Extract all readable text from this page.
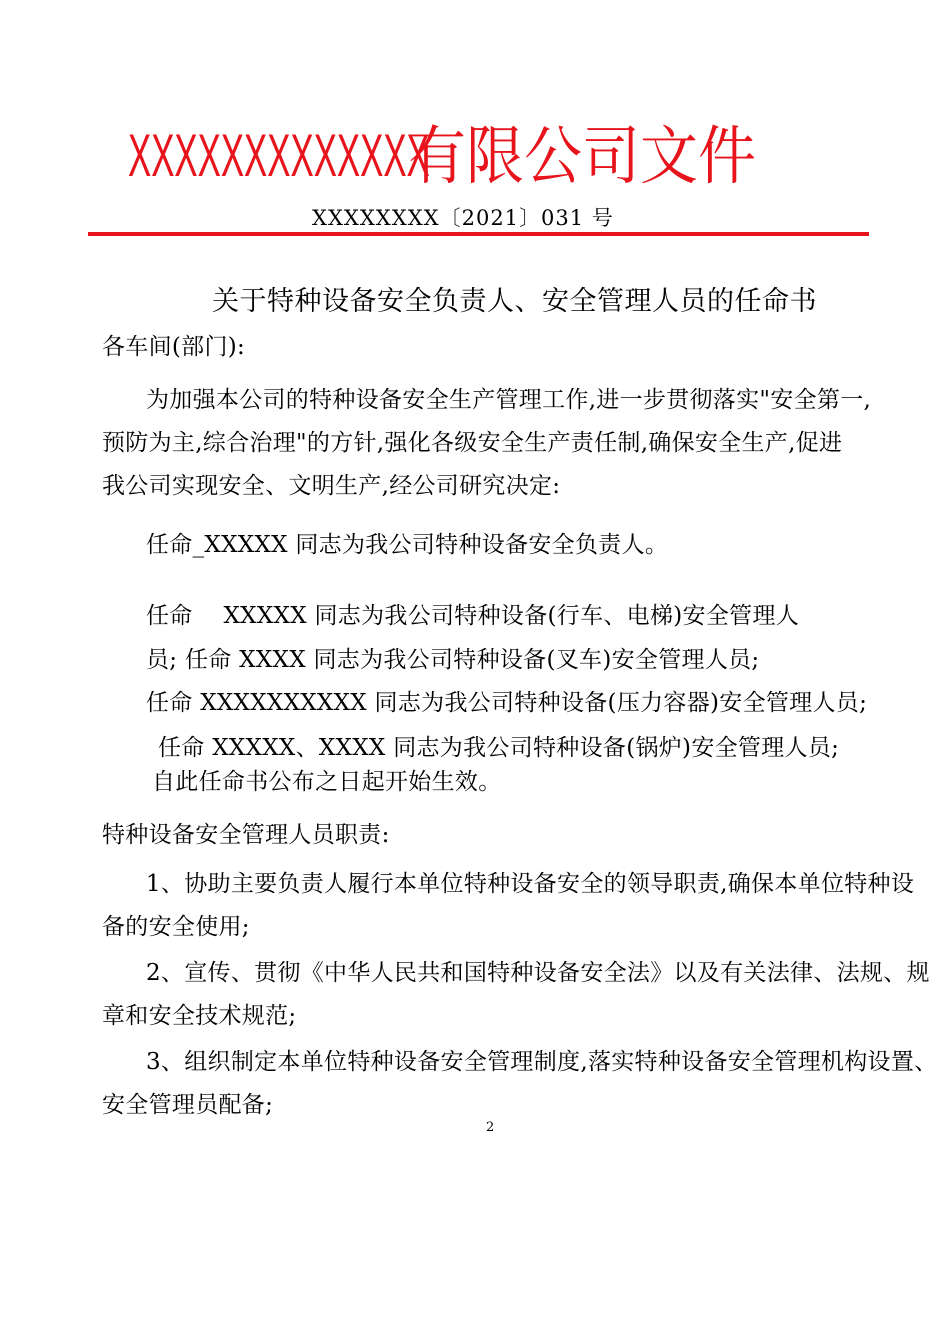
XXXXXXXXXXXXX有限公司文件
XXXXXXXX〔2021〕031 号
关于特种设备安全负责人、安全管理人员的任命书
各车间(部门):
为加强本公司的特种设备安全生产管理工作,进一步贯彻落实"安全第一,
预防为主,综合治理"的方针,强化各级安全生产责任制,确保安全生产,促进
我公司实现安全、文明生产,经公司研究决定:
任命_XXXXX 同志为我公司特种设备安全负责人。
任命　 XXXXX 同志为我公司特种设备(行车、电梯)安全管理人
员; 任命 XXXX 同志为我公司特种设备(叉车)安全管理人员;
任命 XXXXXXXXXX 同志为我公司特种设备(压力容器)安全管理人员;
任命 XXXXX、XXXX 同志为我公司特种设备(锅炉)安全管理人员;
自此任命书公布之日起开始生效。
特种设备安全管理人员职责:
1、协助主要负责人履行本单位特种设备安全的领导职责,确保本单位特种设
备的安全使用;
2、宣传、贯彻《中华人民共和国特种设备安全法》以及有关法律、法规、规
章和安全技术规范;
3、组织制定本单位特种设备安全管理制度,落实特种设备安全管理机构设置、
安全管理员配备;
2
